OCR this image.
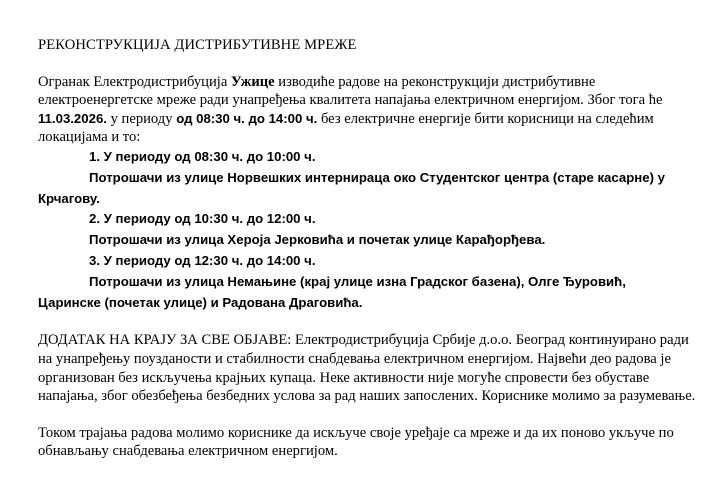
РЕКОНСТРУКЦИЈА ДИСТРИБУТИВНЕ МРЕЖЕ

Огранак Електродистрибуција Ужице изводиће радове на реконструкцији дистрибутивне електроенергетске мреже ради унапређења квалитета напајања електричном енергијом. Због тога ће 11.03.2026. у периоду од 08:30 ч. до 14:00 ч. без електричне енергије бити корисници на следећим локацијама и то:

1. У периоду од 08:30 ч. до 10:00 ч.
Потрошачи из улице Норвешких интернираца око Студентског центра (старе касарне) у
Крчагову.
2. У периоду од 10:30 ч. до 12:00 ч.
Потрошачи из улица Хероја Јерковића и почетак улице Карађорђева.
3. У периоду од 12:30 ч. до 14:00 ч.
Потрошачи из улица Немањине (крај улице изна Градског базена), Олге Ђуровић,
Царинске (почетак улице) и Радована Драговића.

ДОДАТАК НА КРАЈУ ЗА СВЕ ОБЈАВЕ: Електродистрибуција Србије д.о.о. Београд континуирано ради на унапређењу поузданости и стабилности снабдевања електричном енергијом. Највећи део радова је организован без искључења крајњих купаца. Неке активности није могуће спровести без обуставе напајања, због обезбеђења безбедних услова за рад наших запослених. Кориснике молимо за разумевање.

Током трајања радова молимо кориснике да искључе своје уређаје са мреже и да их поново укључе по обнављању снабдевања електричном енергијом.
